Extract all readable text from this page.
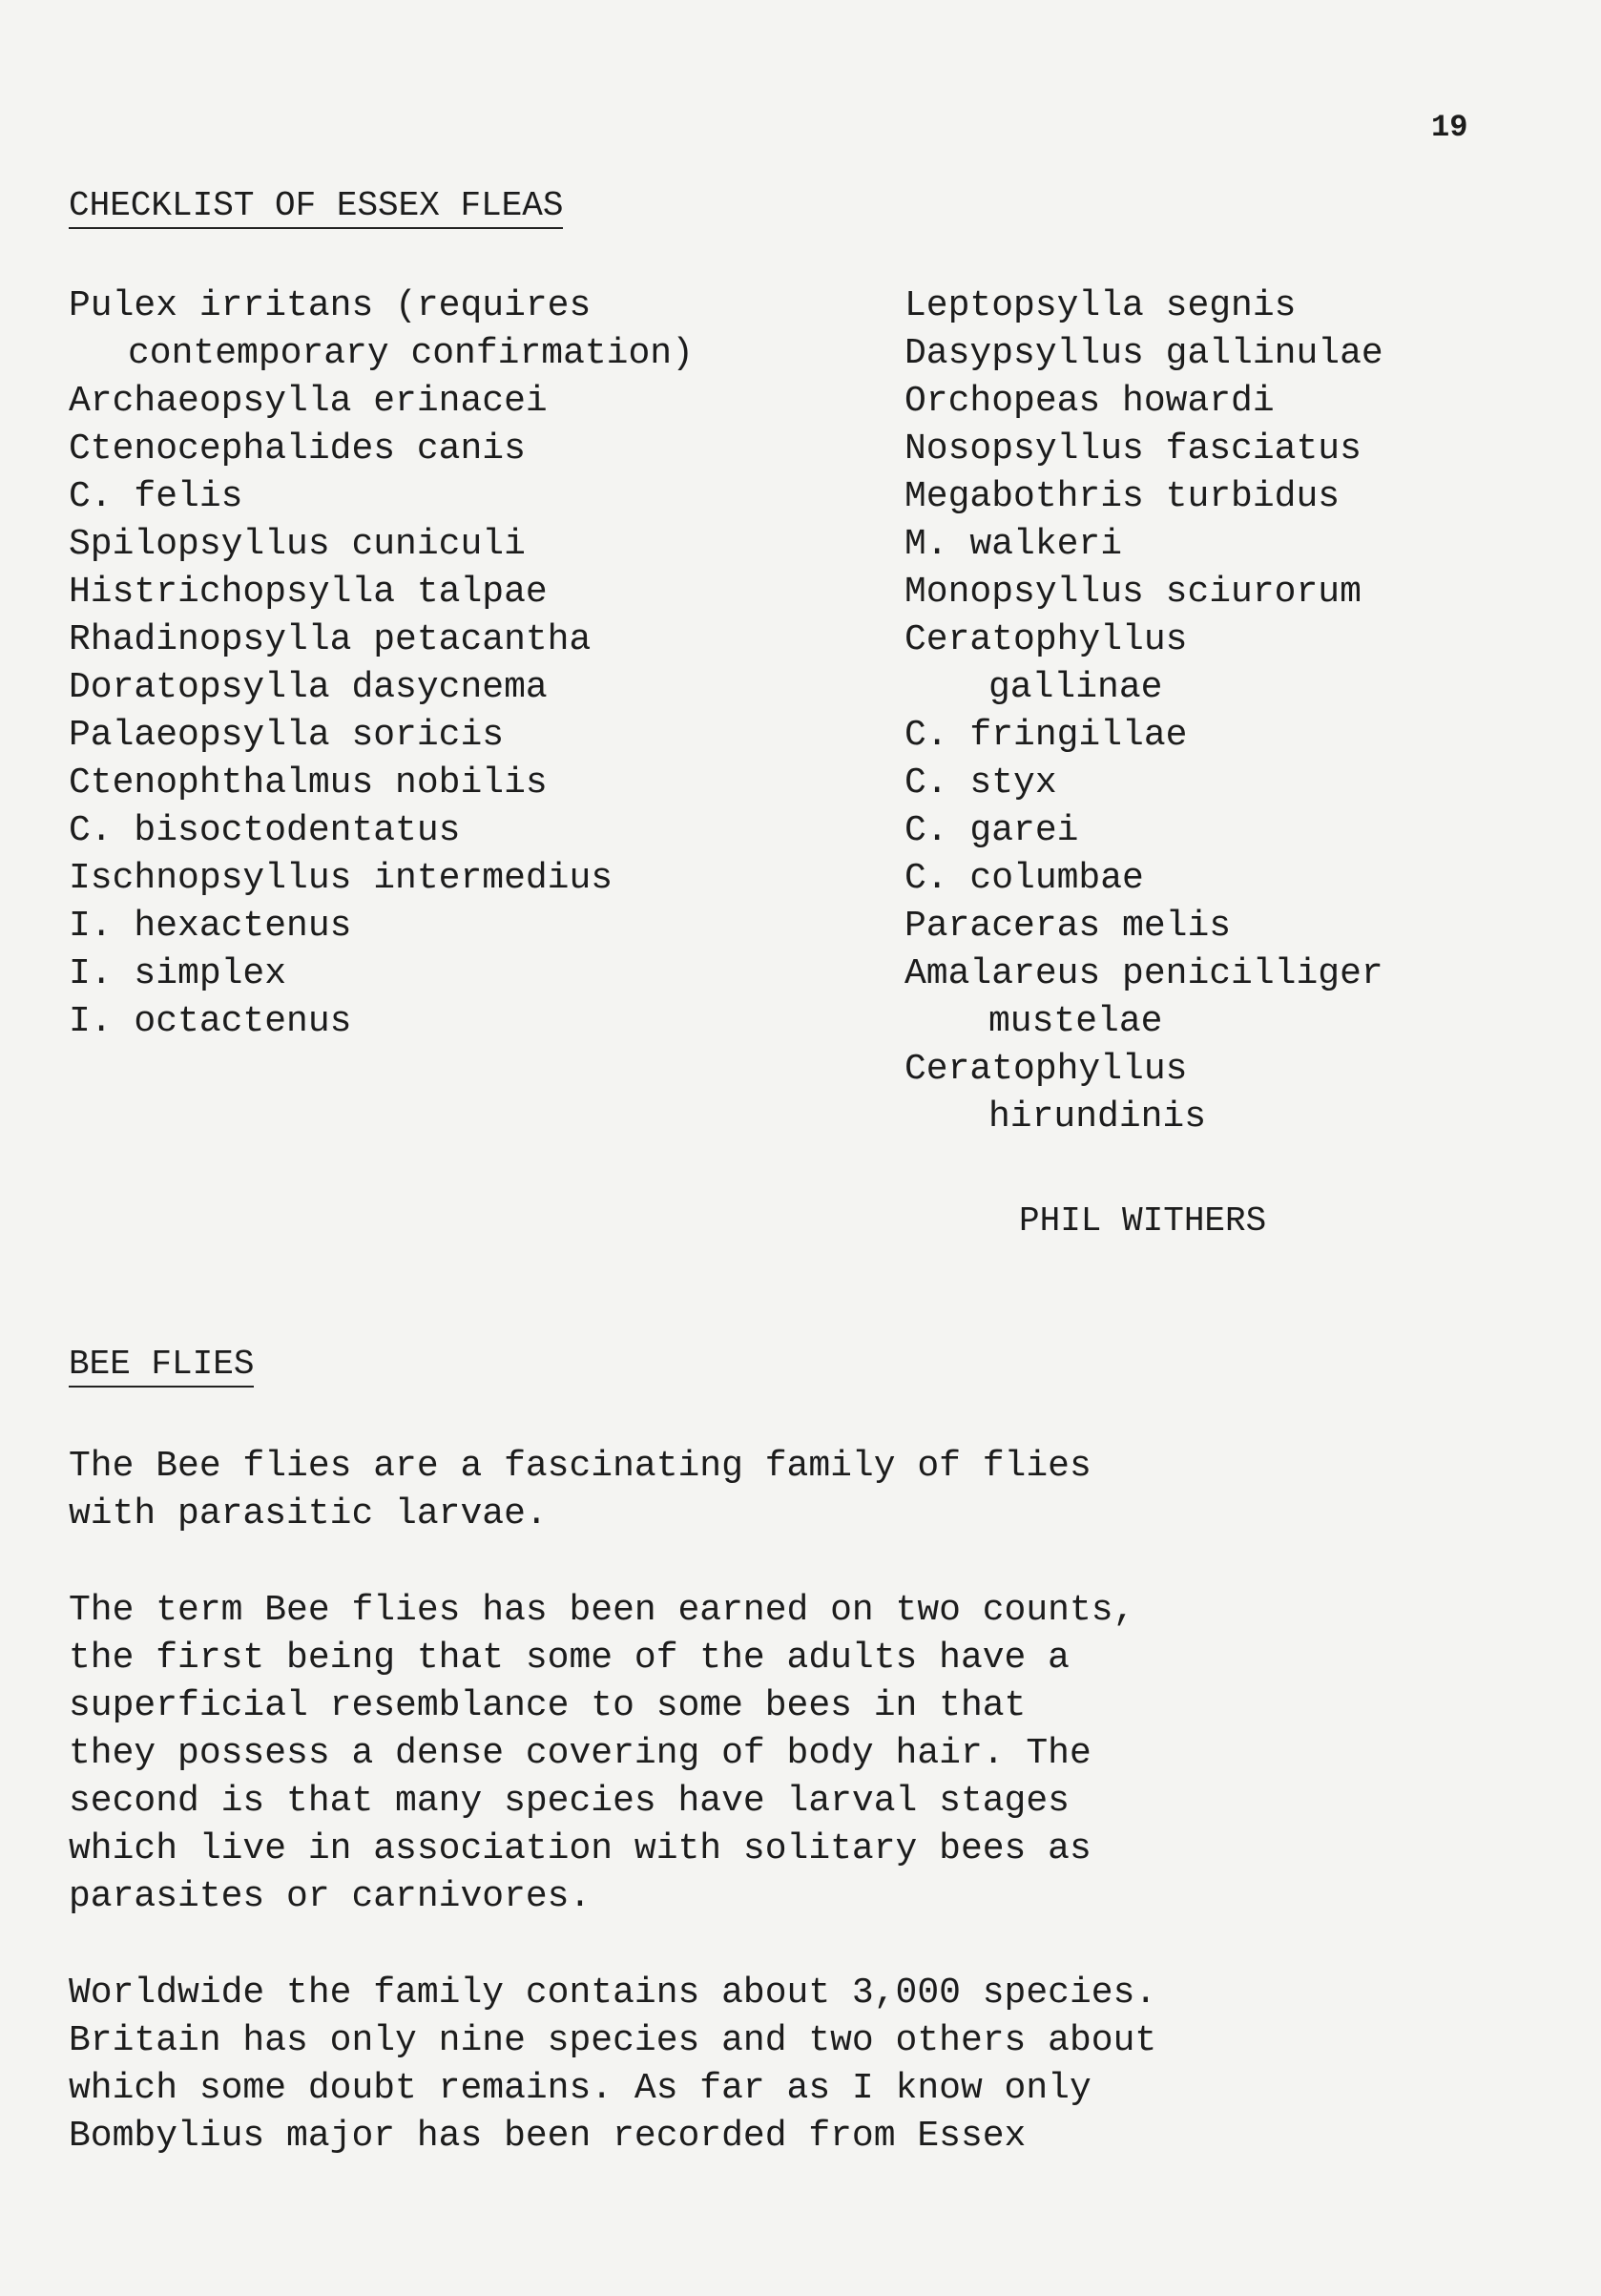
19
CHECKLIST OF ESSEX FLEAS
Pulex irritans (requires
contemporary confirmation)
Archaeopsylla erinacei
Ctenocephalides canis
C. felis
Spilopsyllus cuniculi
Histrichopsylla talpae
Rhadinopsylla petacantha
Doratopsylla dasycnema
Palaeopsylla soricis
Ctenophthalmus nobilis
C. bisoctodentatus
Ischnopsyllus intermedius
I. hexactenus
I. simplex
I. octactenus
Leptopsylla segnis
Dasypsyllus gallinulae
Orchopeas howardi
Nosopsyllus fasciatus
Megabothris turbidus
M. walkeri
Monopsyllus sciurorum
Ceratophyllus
gallinae
C. fringillae
C. styx
C. garei
C. columbae
Paraceras melis
Amalareus penicilliger
mustelae
Ceratophyllus
hirundinis
PHIL WITHERS
BEE FLIES
The Bee flies are a fascinating family of flies
with parasitic larvae.
The term Bee flies has been earned on two counts,
the first being that some of the adults have a
superficial resemblance to some bees in that
they possess a dense covering of body hair. The
second is that many species have larval stages
which live in association with solitary bees as
parasites or carnivores.
Worldwide the family contains about 3,000 species.
Britain has only nine species and two others about
which some doubt remains. As far as I know only
Bombylius major has been recorded from Essex
